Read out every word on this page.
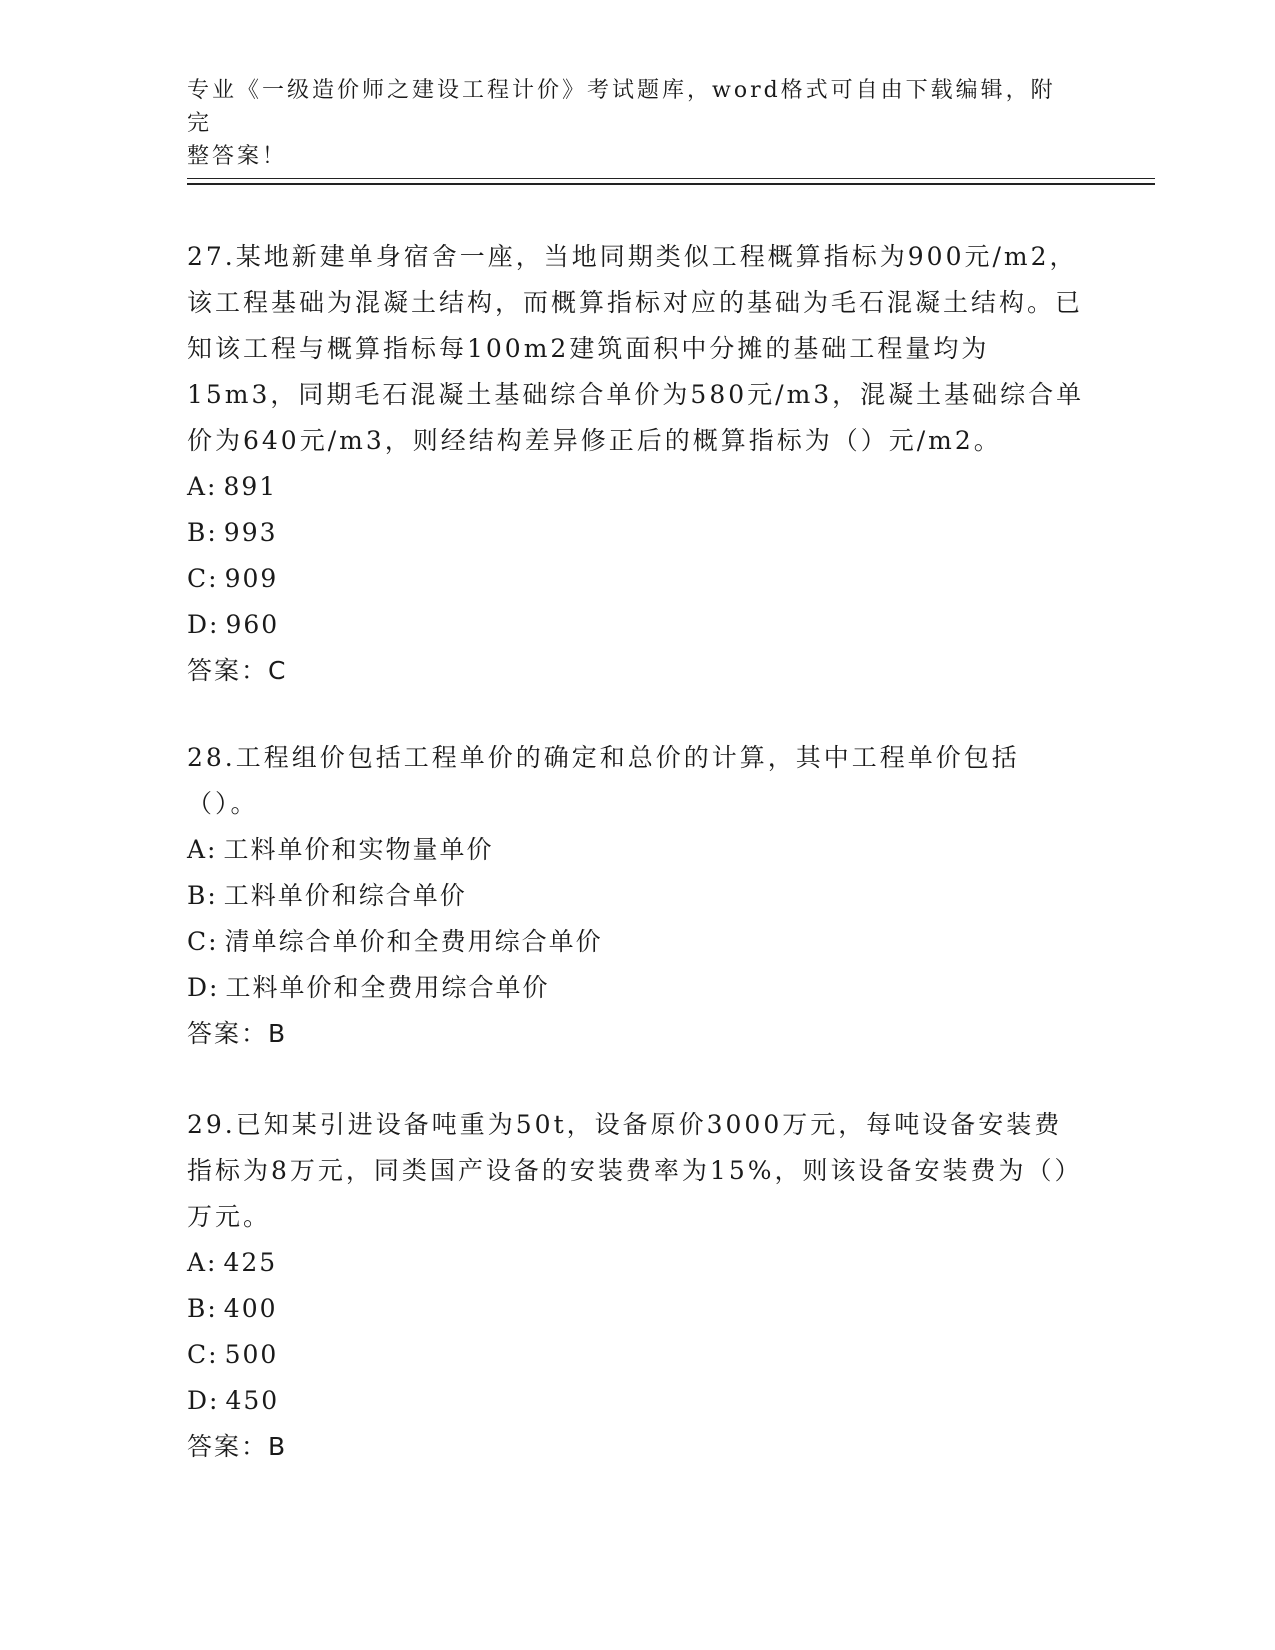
专业《一级造价师之建设工程计价》考试题库，word格式可自由下载编辑，附完
整答案！

27.某地新建单身宿舍一座，当地同期类似工程概算指标为900元/m2，该工程基础为混凝土结构，而概算指标对应的基础为毛石混凝土结构。已知该工程与概算指标每100m2建筑面积中分摊的基础工程量均为15m3，同期毛石混凝土基础综合单价为580元/m3，混凝土基础综合单价为640元/m3，则经结构差异修正后的概算指标为（）元/m2。

A: 891

B: 993

C: 909

D: 960

答案：C

28.工程组价包括工程单价的确定和总价的计算，其中工程单价包括（）。

A: 工料单价和实物量单价

B: 工料单价和综合单价

C: 清单综合单价和全费用综合单价

D: 工料单价和全费用综合单价

答案：B

29.已知某引进设备吨重为50t，设备原价3000万元，每吨设备安装费指标为8万元，同类国产设备的安装费率为15%，则该设备安装费为（）万元。

A: 425

B: 400

C: 500

D: 450

答案：B
